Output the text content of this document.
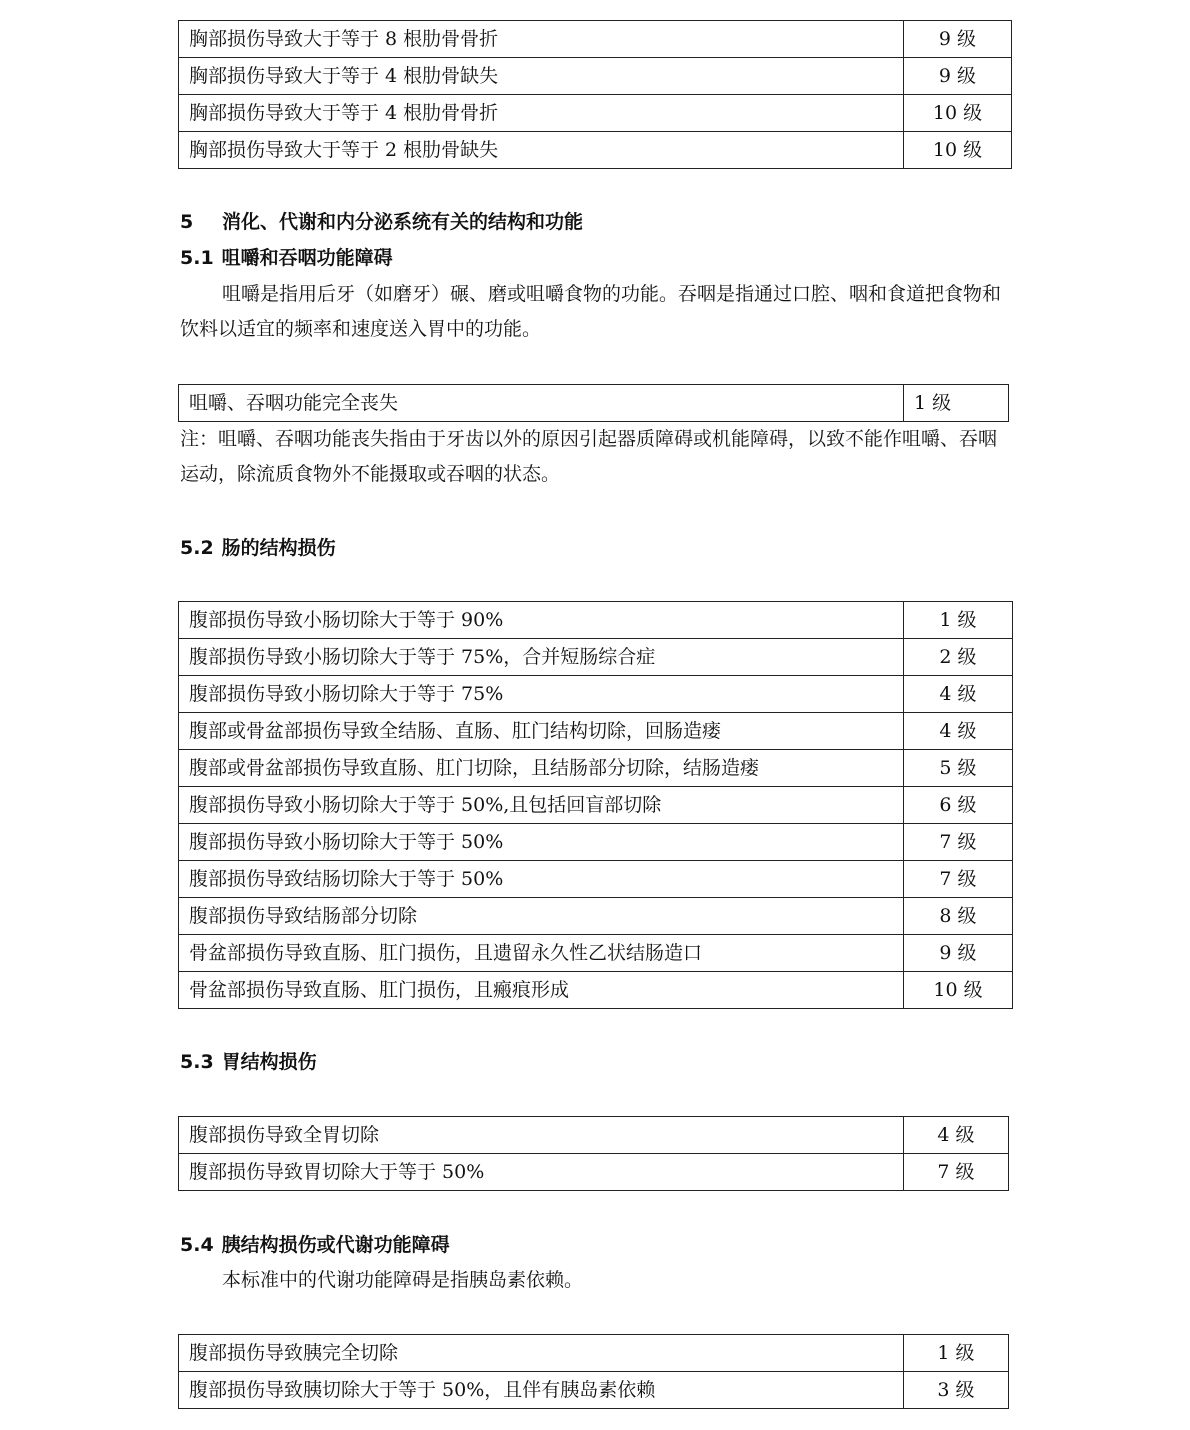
胸部损伤导致大于等于 8 根肋骨骨折	9 级
胸部损伤导致大于等于 4 根肋骨缺失	9 级
胸部损伤导致大于等于 4 根肋骨骨折	10 级
胸部损伤导致大于等于 2 根肋骨缺失	10 级
5 消化、代谢和内分泌系统有关的结构和功能
5.1 咀嚼和吞咽功能障碍

咀嚼是指用后牙（如磨牙）碾、磨或咀嚼食物的功能。吞咽是指通过口腔、咽和食道把食物和饮料以适宜的频率和速度送入胃中的功能。

咀嚼、吞咽功能完全丧失	1 级

注：咀嚼、吞咽功能丧失指由于牙齿以外的原因引起器质障碍或机能障碍，以致不能作咀嚼、吞咽运动，除流质食物外不能摄取或吞咽的状态。

5.2 肠的结构损伤
腹部损伤导致小肠切除大于等于 90%	1 级
腹部损伤导致小肠切除大于等于 75%，合并短肠综合症	2 级
腹部损伤导致小肠切除大于等于 75%	4 级
腹部或骨盆部损伤导致全结肠、直肠、肛门结构切除，回肠造瘘	4 级
腹部或骨盆部损伤导致直肠、肛门切除，且结肠部分切除，结肠造瘘	5 级
腹部损伤导致小肠切除大于等于 50%,且包括回盲部切除	6 级
腹部损伤导致小肠切除大于等于 50%	7 级
腹部损伤导致结肠切除大于等于 50%	7 级
腹部损伤导致结肠部分切除	8 级
骨盆部损伤导致直肠、肛门损伤，且遗留永久性乙状结肠造口	9 级
骨盆部损伤导致直肠、肛门损伤，且瘢痕形成	10 级
5.3 胃结构损伤
腹部损伤导致全胃切除	4 级
腹部损伤导致胃切除大于等于 50%	7 级
5.4 胰结构损伤或代谢功能障碍

本标准中的代谢功能障碍是指胰岛素依赖。

腹部损伤导致胰完全切除	1 级
腹部损伤导致胰切除大于等于 50%，且伴有胰岛素依赖	3 级
